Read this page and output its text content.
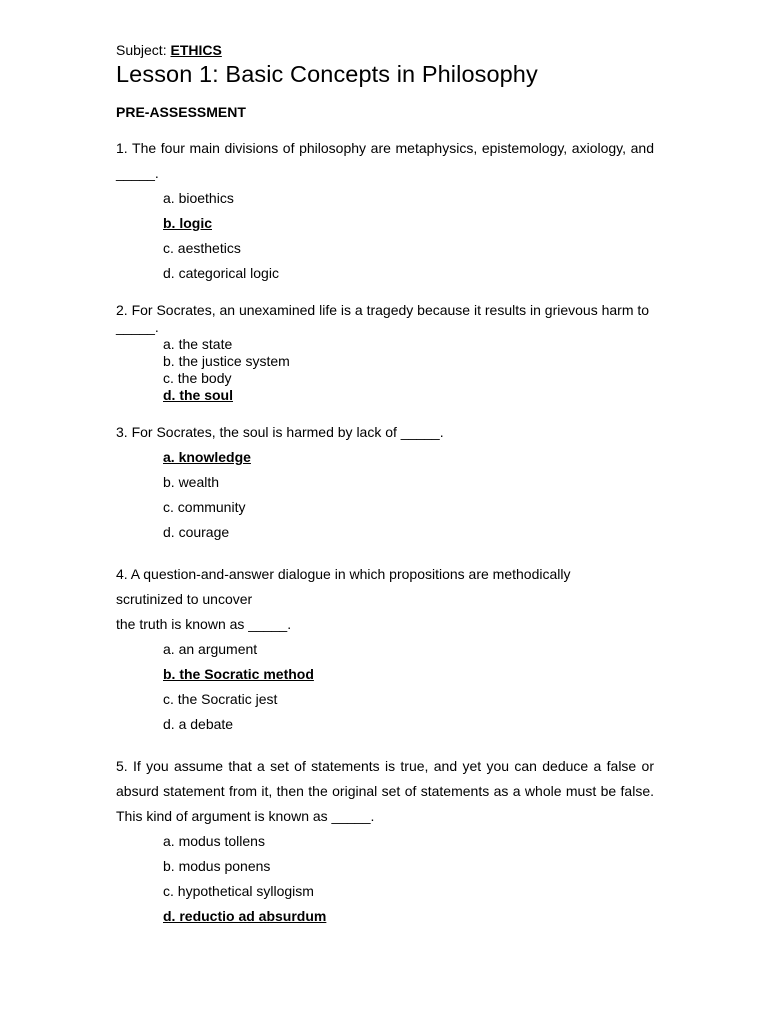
Subject: ETHICS

Lesson 1: Basic Concepts in Philosophy
PRE-ASSESSMENT

1. The four main divisions of philosophy are metaphysics, epistemology, axiology, and _____.

a. bioethics
b. logic
c. aesthetics
d. categorical logic

2. For Socrates, an unexamined life is a tragedy because it results in grievous harm to _____.

a. the state
b. the justice system
c. the body
d. the soul

3. For Socrates, the soul is harmed by lack of _____.

a. knowledge
b. wealth
c. community
d. courage

4. A question-and-answer dialogue in which propositions are methodically scrutinized to uncover

the truth is known as _____.

a. an argument
b. the Socratic method
c. the Socratic jest
d. a debate

5. If you assume that a set of statements is true, and yet you can deduce a false or absurd statement from it, then the original set of statements as a whole must be false. This kind of argument is known as _____.

a. modus tollens
b. modus ponens
c. hypothetical syllogism
d. reductio ad absurdum
